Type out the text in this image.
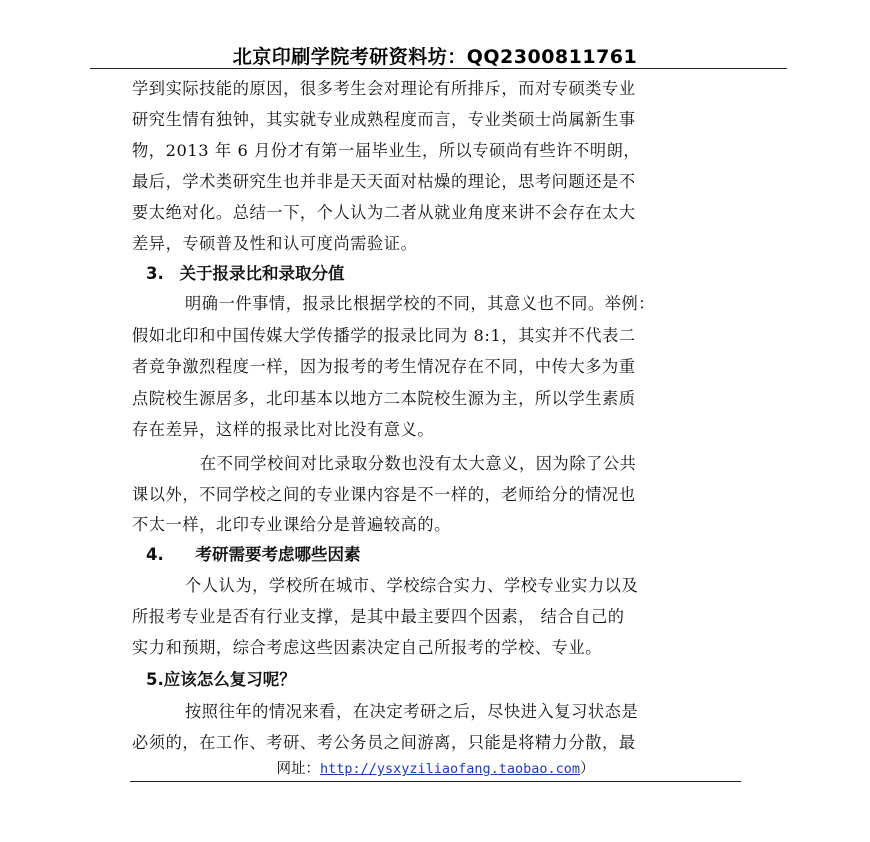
北京印刷学院考研资料坊：QQ2300811761
学到实际技能的原因，很多考生会对理论有所排斥，而对专硕类专业
研究生情有独钟，其实就专业成熟程度而言，专业类硕士尚属新生事
物，2013 年 6 月份才有第一届毕业生，所以专硕尚有些许不明朗，
最后，学术类研究生也并非是天天面对枯燥的理论，思考问题还是不
要太绝对化。总结一下，个人认为二者从就业角度来讲不会存在太大
差异，专硕普及性和认可度尚需验证。
3. 关于报录比和录取分值
明确一件事情，报录比根据学校的不同，其意义也不同。举例：
假如北印和中国传媒大学传播学的报录比同为 8:1，其实并不代表二
者竞争激烈程度一样，因为报考的考生情况存在不同，中传大多为重
点院校生源居多，北印基本以地方二本院校生源为主，所以学生素质
存在差异，这样的报录比对比没有意义。
在不同学校间对比录取分数也没有太大意义，因为除了公共
课以外，不同学校之间的专业课内容是不一样的，老师给分的情况也
不太一样，北印专业课给分是普遍较高的。
4. 考研需要考虑哪些因素
个人认为，学校所在城市、学校综合实力、学校专业实力以及
所报考专业是否有行业支撑，是其中最主要四个因素， 结合自己的
实力和预期，综合考虑这些因素决定自己所报考的学校、专业。
5.应该怎么复习呢？
按照往年的情况来看，在决定考研之后，尽快进入复习状态是
必须的，在工作、考研、考公务员之间游离，只能是将精力分散，最
网址：http://ysxyziliaofang.taobao.com）
